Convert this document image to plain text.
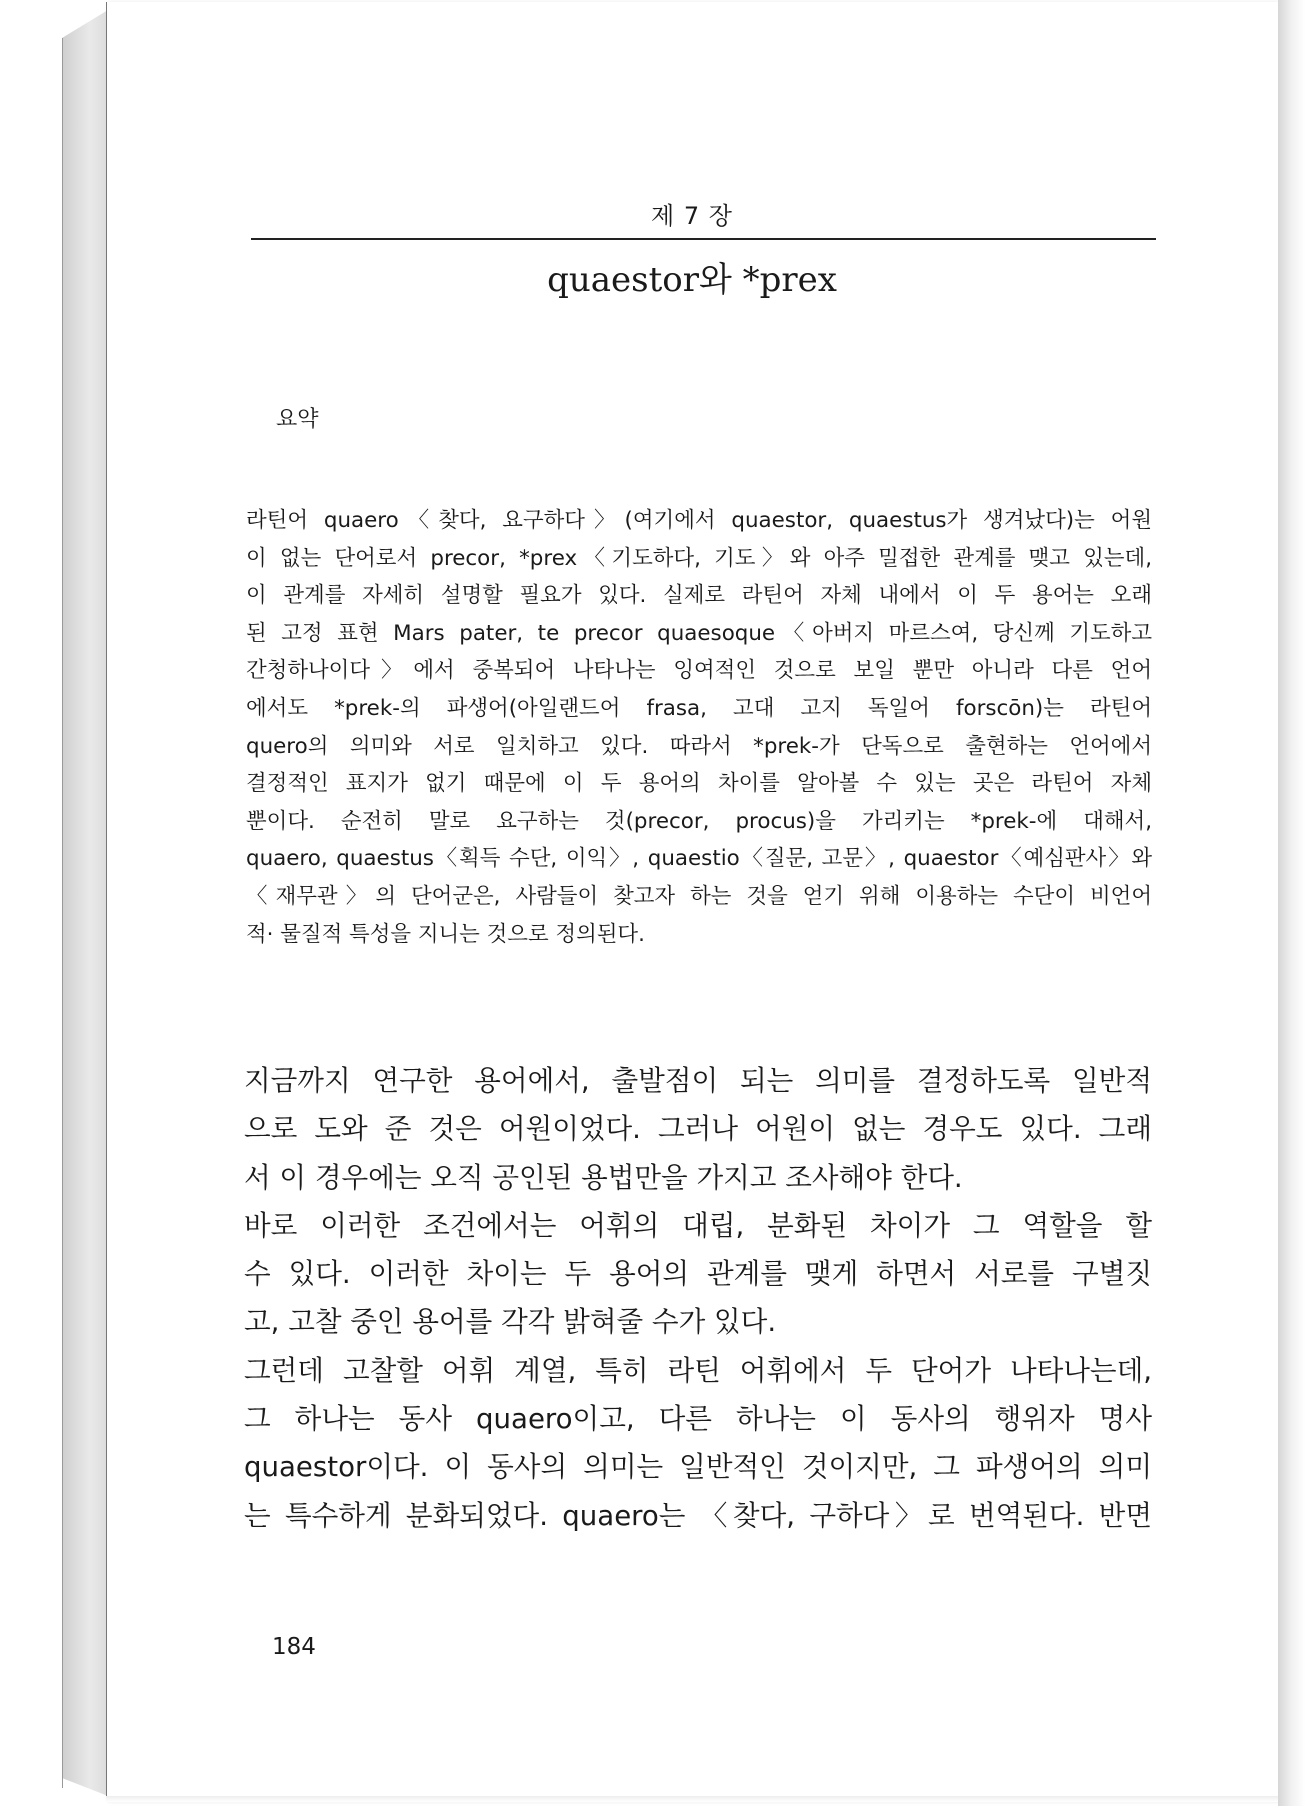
제 7 장
quaestor와 *prex
요약
라틴어 quaero〈찾다, 요구하다〉(여기에서 quaestor, quaestus가 생겨났다)는 어원
이 없는 단어로서 precor, *prex〈기도하다, 기도〉와 아주 밀접한 관계를 맺고 있는데,
이 관계를 자세히 설명할 필요가 있다. 실제로 라틴어 자체 내에서 이 두 용어는 오래
된 고정 표현 Mars pater, te precor quaesoque〈아버지 마르스여, 당신께 기도하고
간청하나이다〉에서 중복되어 나타나는 잉여적인 것으로 보일 뿐만 아니라 다른 언어
에서도 *prek-의 파생어(아일랜드어 frasa, 고대 고지 독일어 forscōn)는 라틴어
quero의 의미와 서로 일치하고 있다. 따라서 *prek-가 단독으로 출현하는 언어에서
결정적인 표지가 없기 때문에 이 두 용어의 차이를 알아볼 수 있는 곳은 라틴어 자체
뿐이다. 순전히 말로 요구하는 것(precor, procus)을 가리키는 *prek-에 대해서,
quaero, quaestus〈획득 수단, 이익〉, quaestio〈질문, 고문〉, quaestor〈예심판사〉와
〈재무관〉의 단어군은, 사람들이 찾고자 하는 것을 얻기 위해 이용하는 수단이 비언어
적· 물질적 특성을 지니는 것으로 정의된다.
지금까지 연구한 용어에서, 출발점이 되는 의미를 결정하도록 일반적
으로 도와 준 것은 어원이었다. 그러나 어원이 없는 경우도 있다. 그래
서 이 경우에는 오직 공인된 용법만을 가지고 조사해야 한다.
바로 이러한 조건에서는 어휘의 대립, 분화된 차이가 그 역할을 할
수 있다. 이러한 차이는 두 용어의 관계를 맺게 하면서 서로를 구별짓
고, 고찰 중인 용어를 각각 밝혀줄 수가 있다.
그런데 고찰할 어휘 계열, 특히 라틴 어휘에서 두 단어가 나타나는데,
그 하나는 동사 quaero이고, 다른 하나는 이 동사의 행위자 명사
quaestor이다. 이 동사의 의미는 일반적인 것이지만, 그 파생어의 의미
는 특수하게 분화되었다. quaero는 〈찾다, 구하다〉로 번역된다. 반면
184
